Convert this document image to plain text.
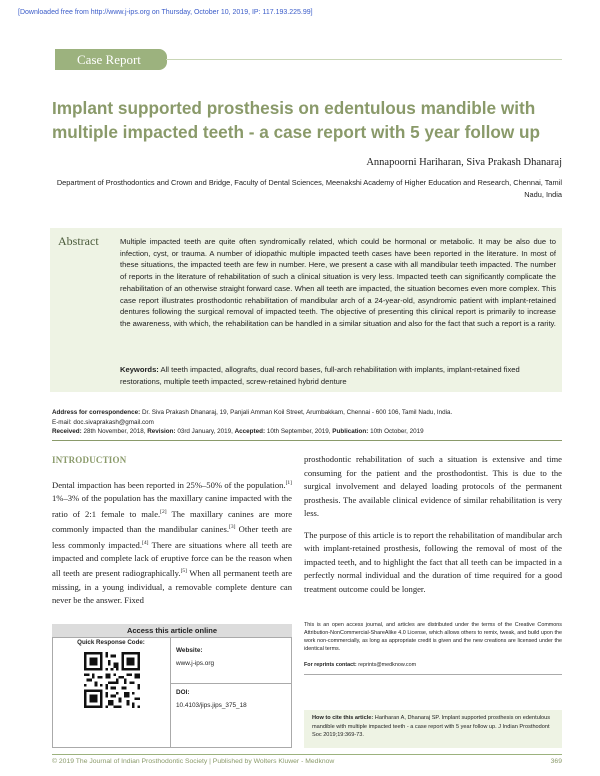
[Downloaded free from http://www.j-ips.org on Thursday, October 10, 2019, IP: 117.193.225.99]
Case Report
Implant supported prosthesis on edentulous mandible with multiple impacted teeth - a case report with 5 year follow up
Annapoorni Hariharan, Siva Prakash Dhanaraj
Department of Prosthodontics and Crown and Bridge, Faculty of Dental Sciences, Meenakshi Academy of Higher Education and Research, Chennai, Tamil Nadu, India
Abstract	Multiple impacted teeth are quite often syndromically related, which could be hormonal or metabolic. It may be also due to infection, cyst, or trauma. A number of idiopathic multiple impacted teeth cases have been reported in the literature. In most of these situations, the impacted teeth are few in number. Here, we present a case with all mandibular teeth impacted. The number of reports in the literature of rehabilitation of such a clinical situation is very less. Impacted teeth can significantly complicate the rehabilitation of an otherwise straight forward case. When all teeth are impacted, the situation becomes even more complex. This case report illustrates prosthodontic rehabilitation of mandibular arch of a 24-year-old, asyndromic patient with implant-retained dentures following the surgical removal of impacted teeth. The objective of presenting this clinical report is primarily to increase the awareness, with which, the rehabilitation can be handled in a similar situation and also for the fact that such a report is a rarity.
Keywords: All teeth impacted, allografts, dual record bases, full-arch rehabilitation with implants, implant-retained fixed restorations, multiple teeth impacted, screw-retained hybrid denture
Address for correspondence: Dr. Siva Prakash Dhanaraj, 19, Panjali Amman Koil Street, Arumbakkam, Chennai - 600 106, Tamil Nadu, India.
E-mail: doc.sivaprakash@gmail.com
Received: 28th November, 2018, Revision: 03rd January, 2019, Accepted: 10th September, 2019, Publication: 10th October, 2019
INTRODUCTION
Dental impaction has been reported in 25%–50% of the population.[1] 1%–3% of the population has the maxillary canine impacted with the ratio of 2:1 female to male.[2] The maxillary canines are more commonly impacted than the mandibular canines.[3] Other teeth are less commonly impacted.[4] There are situations where all teeth are impacted and complete lack of eruptive force can be the reason when all teeth are present radiographically.[5] When all permanent teeth are missing, in a young individual, a removable complete denture can never be the answer. Fixed

prosthodontic rehabilitation of such a situation is extensive and time consuming for the patient and the prosthodontist. This is due to the surgical involvement and delayed loading protocols of the permanent prosthesis. The available clinical evidence of similar rehabilitation is very less.

The purpose of this article is to report the rehabilitation of mandibular arch with implant-retained prosthesis, following the removal of most of the impacted teeth, and to highlight the fact that all teeth can be impacted in a perfectly normal individual and the duration of time required for a good treatment outcome could be longer.

Access this article online
Quick Response Code:
Website:
www.j-ips.org
DOI:
10.4103/jips.jips_375_18
This is an open access journal, and articles are distributed under the terms of the Creative Commons Attribution-NonCommercial-ShareAlike 4.0 License, which allows others to remix, tweak, and build upon the work non-commercially, as long as appropriate credit is given and the new creations are licensed under the identical terms.
For reprints contact: reprints@medknow.com
How to cite this article: Hariharan A, Dhanaraj SP. Implant supported prosthesis on edentulous mandible with multiple impacted teeth - a case report with 5 year follow up. J Indian Prosthodont Soc 2019;19:369-73.
© 2019 The Journal of Indian Prosthodontic Society | Published by Wolters Kluwer - Medknow	369
